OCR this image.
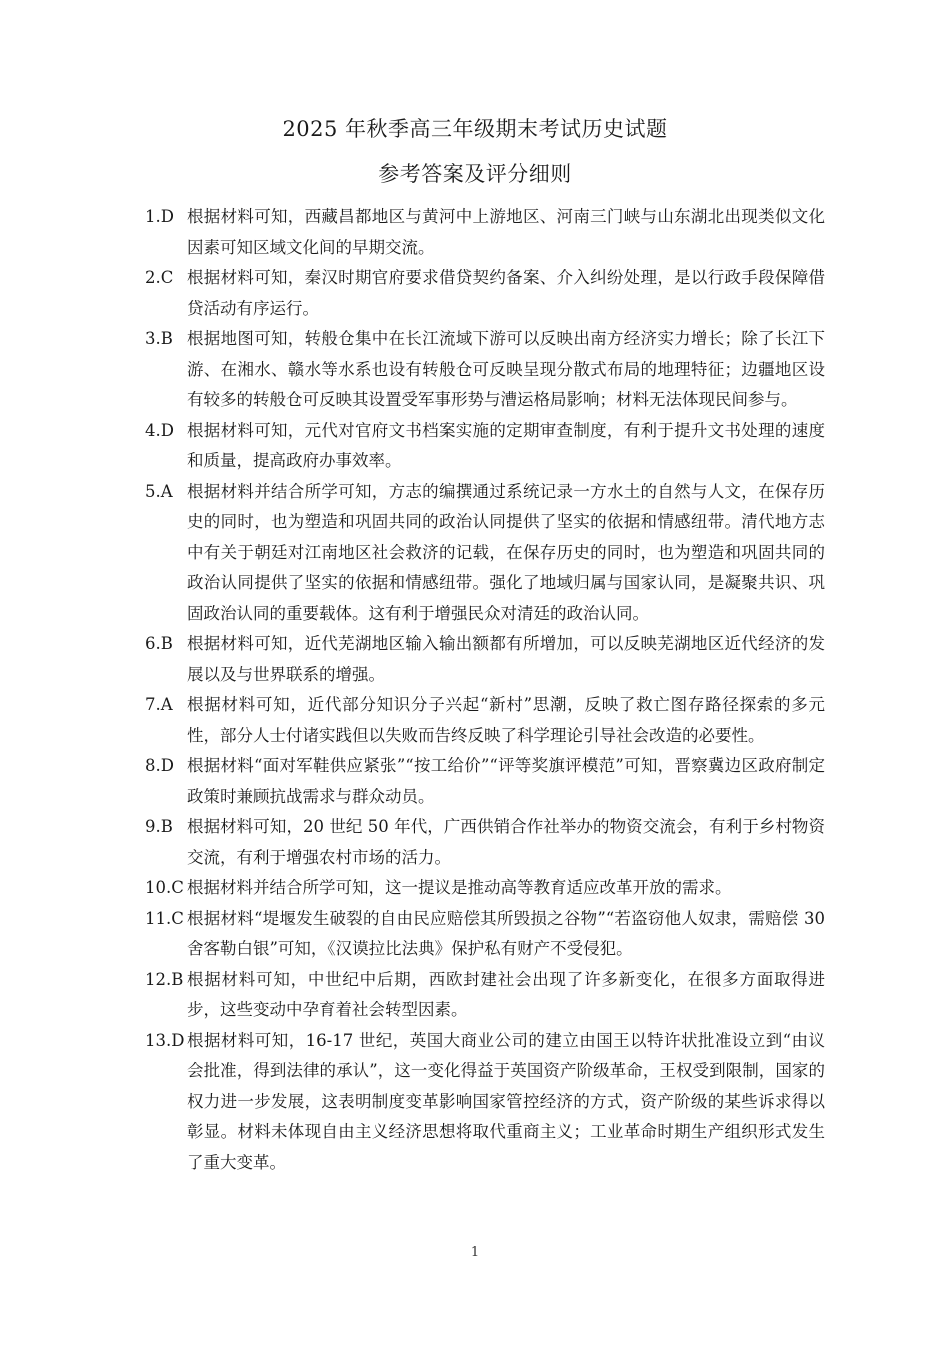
2025 年秋季高三年级期末考试历史试题
参考答案及评分细则
1.D 根据材料可知，西藏昌都地区与黄河中上游地区、河南三门峡与山东湖北出现类似文化因素可知区域文化间的早期交流。
2.C 根据材料可知，秦汉时期官府要求借贷契约备案、介入纠纷处理，是以行政手段保障借贷活动有序运行。
3.B 根据地图可知，转般仓集中在长江流域下游可以反映出南方经济实力增长；除了长江下游、在湘水、赣水等水系也设有转般仓可反映呈现分散式布局的地理特征；边疆地区设有较多的转般仓可反映其设置受军事形势与漕运格局影响；材料无法体现民间参与。
4.D 根据材料可知，元代对官府文书档案实施的定期审查制度，有利于提升文书处理的速度和质量，提高政府办事效率。
5.A 根据材料并结合所学可知，方志的编撰通过系统记录一方水土的自然与人文，在保存历史的同时，也为塑造和巩固共同的政治认同提供了坚实的依据和情感纽带。清代地方志中有关于朝廷对江南地区社会救济的记载，在保存历史的同时，也为塑造和巩固共同的政治认同提供了坚实的依据和情感纽带。强化了地域归属与国家认同，是凝聚共识、巩固政治认同的重要载体。这有利于增强民众对清廷的政治认同。
6.B 根据材料可知，近代芜湖地区输入输出额都有所增加，可以反映芜湖地区近代经济的发展以及与世界联系的增强。
7.A 根据材料可知，近代部分知识分子兴起“新村”思潮，反映了救亡图存路径探索的多元性，部分人士付诸实践但以失败而告终反映了科学理论引导社会改造的必要性。
8.D 根据材料“面对军鞋供应紧张”“按工给价”“评等奖旗评模范”可知，晋察冀边区政府制定政策时兼顾抗战需求与群众动员。
9.B 根据材料可知，20 世纪 50 年代，广西供销合作社举办的物资交流会，有利于乡村物资交流，有利于增强农村市场的活力。
10.C 根据材料并结合所学可知，这一提议是推动高等教育适应改革开放的需求。
11.C 根据材料“堤堰发生破裂的自由民应赔偿其所毁损之谷物”“若盗窃他人奴隶，需赔偿 30 舍客勒白银”可知，《汉谟拉比法典》保护私有财产不受侵犯。
12.B 根据材料可知，中世纪中后期，西欧封建社会出现了许多新变化，在很多方面取得进步，这些变动中孕育着社会转型因素。
13.D 根据材料可知，16-17 世纪，英国大商业公司的建立由国王以特许状批准设立到“由议会批准，得到法律的承认”，这一变化得益于英国资产阶级革命，王权受到限制，国家的权力进一步发展，这表明制度变革影响国家管控经济的方式，资产阶级的某些诉求得以彰显。材料未体现自由主义经济思想将取代重商主义；工业革命时期生产组织形式发生了重大变革。
1
